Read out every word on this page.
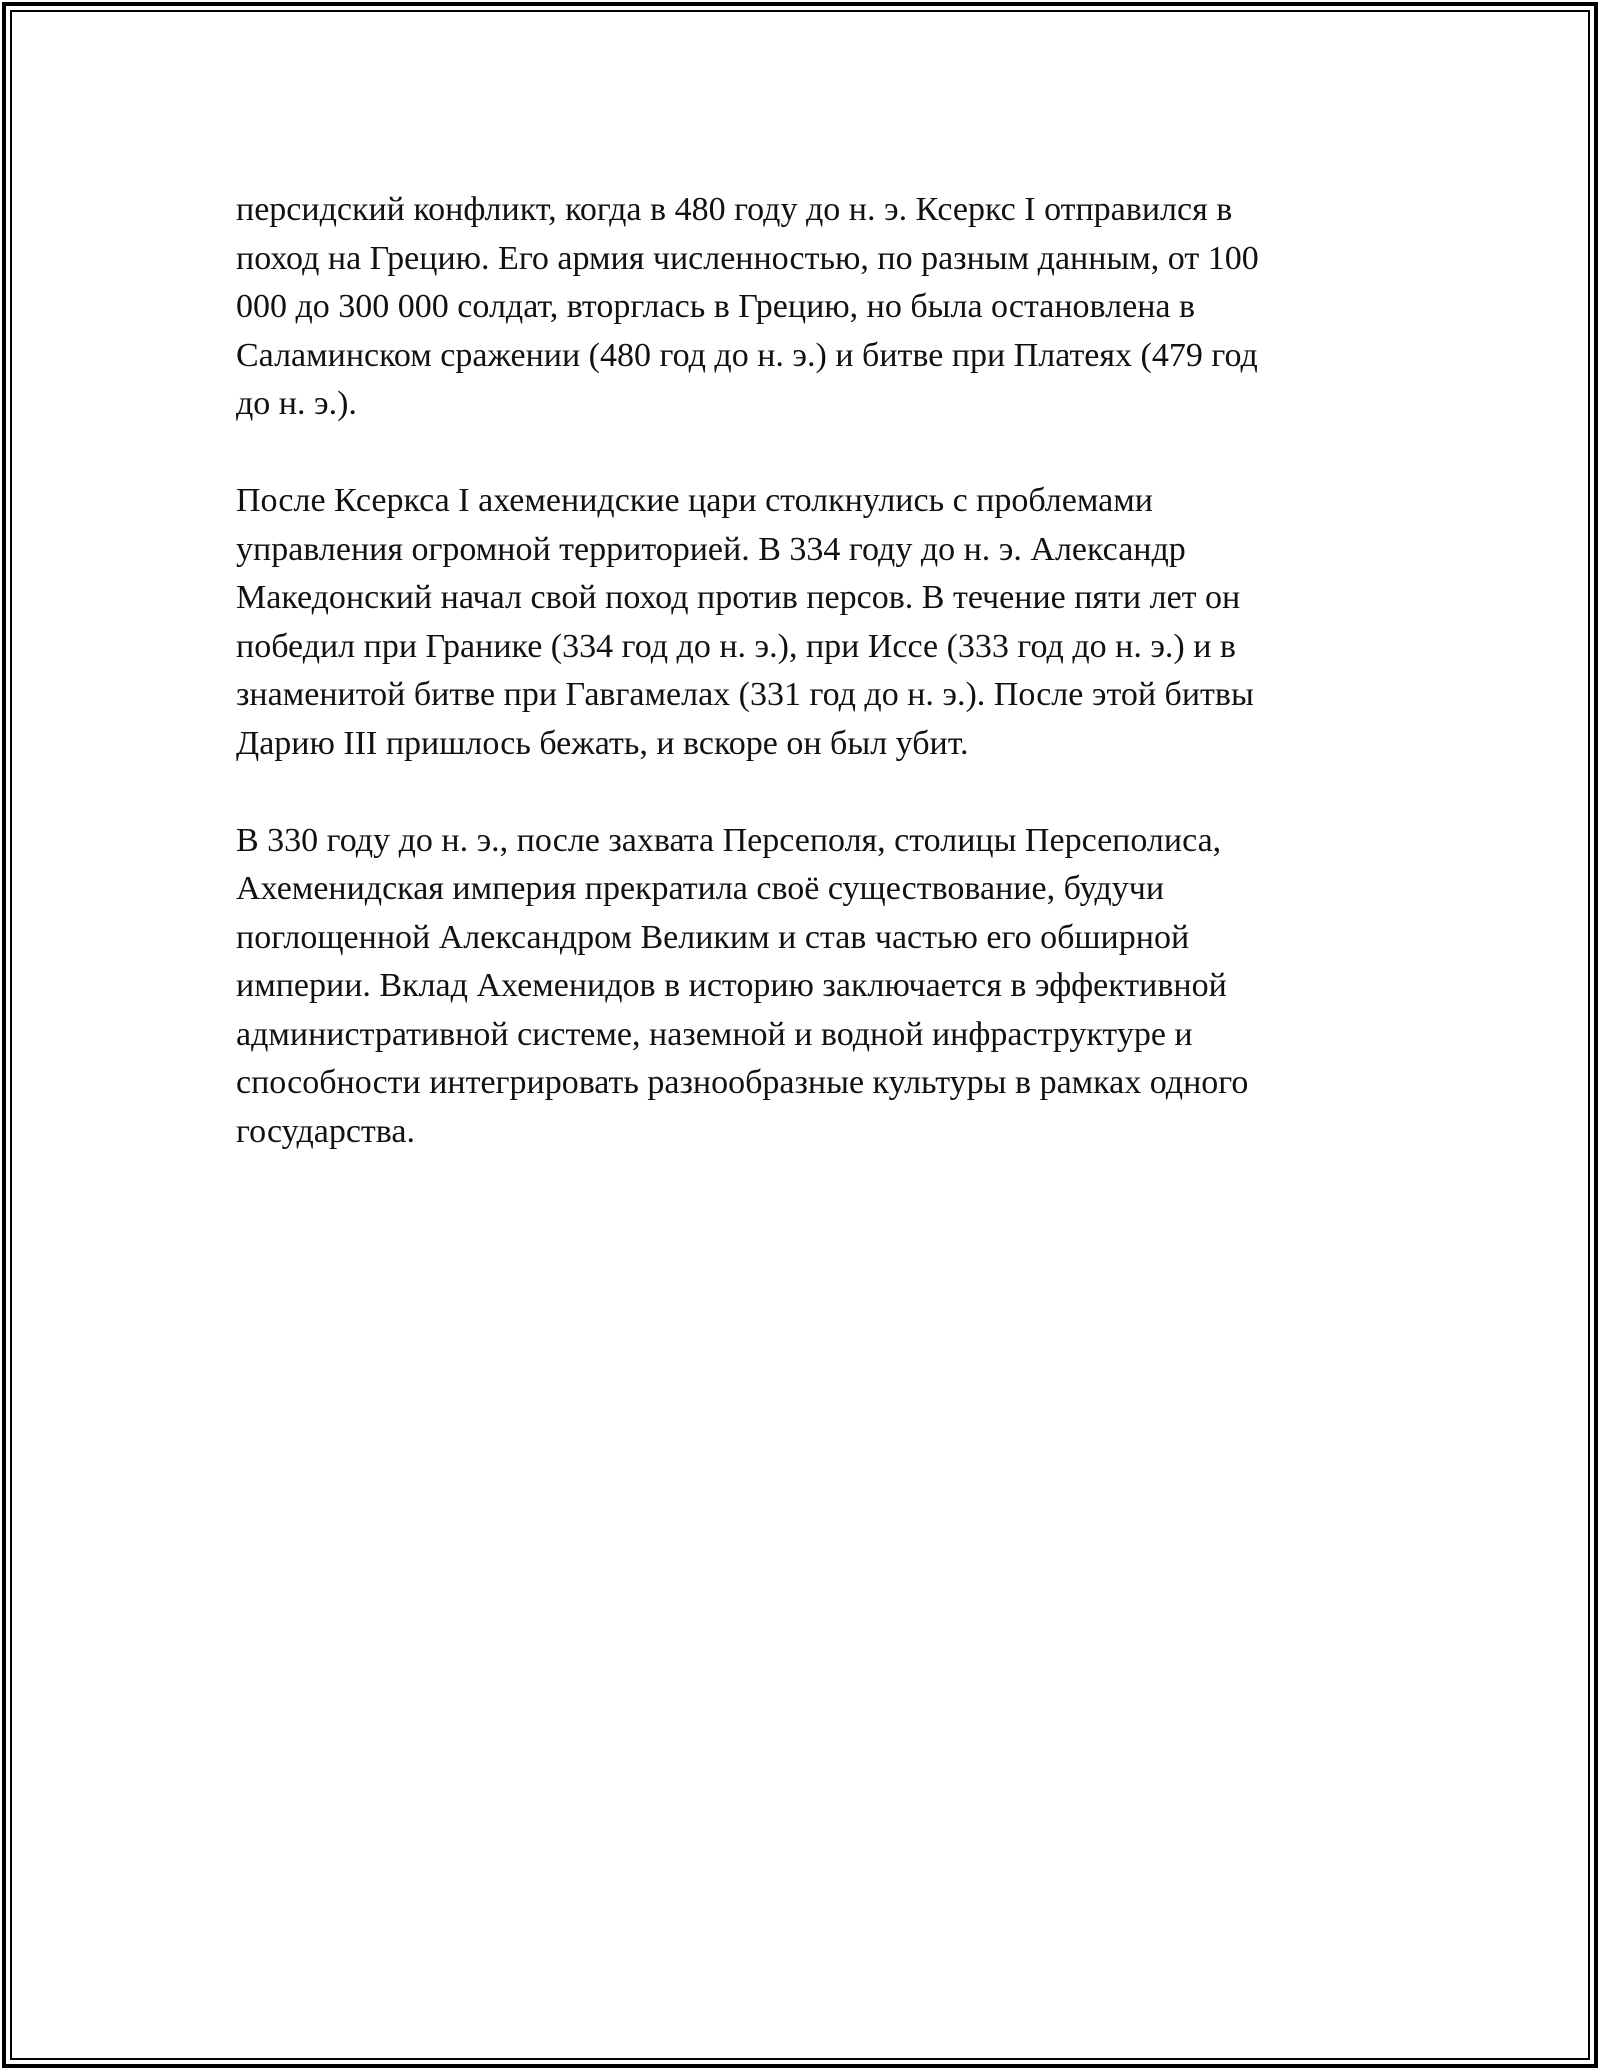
персидский конфликт, когда в 480 году до н. э. Ксеркс I отправился в
поход на Грецию. Его армия численностью, по разным данным, от 100
000 до 300 000 солдат, вторглась в Грецию, но была остановлена в
Саламинском сражении (480 год до н. э.) и битве при Платеях (479 год
до н. э.).

После Ксеркса I ахеменидские цари столкнулись с проблемами
управления огромной территорией. В 334 году до н. э. Александр
Македонский начал свой поход против персов. В течение пяти лет он
победил при Гранике (334 год до н. э.), при Иссе (333 год до н. э.) и в
знаменитой битве при Гавгамелах (331 год до н. э.). После этой битвы
Дарию III пришлось бежать, и вскоре он был убит.

В 330 году до н. э., после захвата Персеполя, столицы Персеполиса,
Ахеменидская империя прекратила своё существование, будучи
поглощенной Александром Великим и став частью его обширной
империи. Вклад Ахеменидов в историю заключается в эффективной
административной системе, наземной и водной инфраструктуре и
способности интегрировать разнообразные культуры в рамках одного
государства.
